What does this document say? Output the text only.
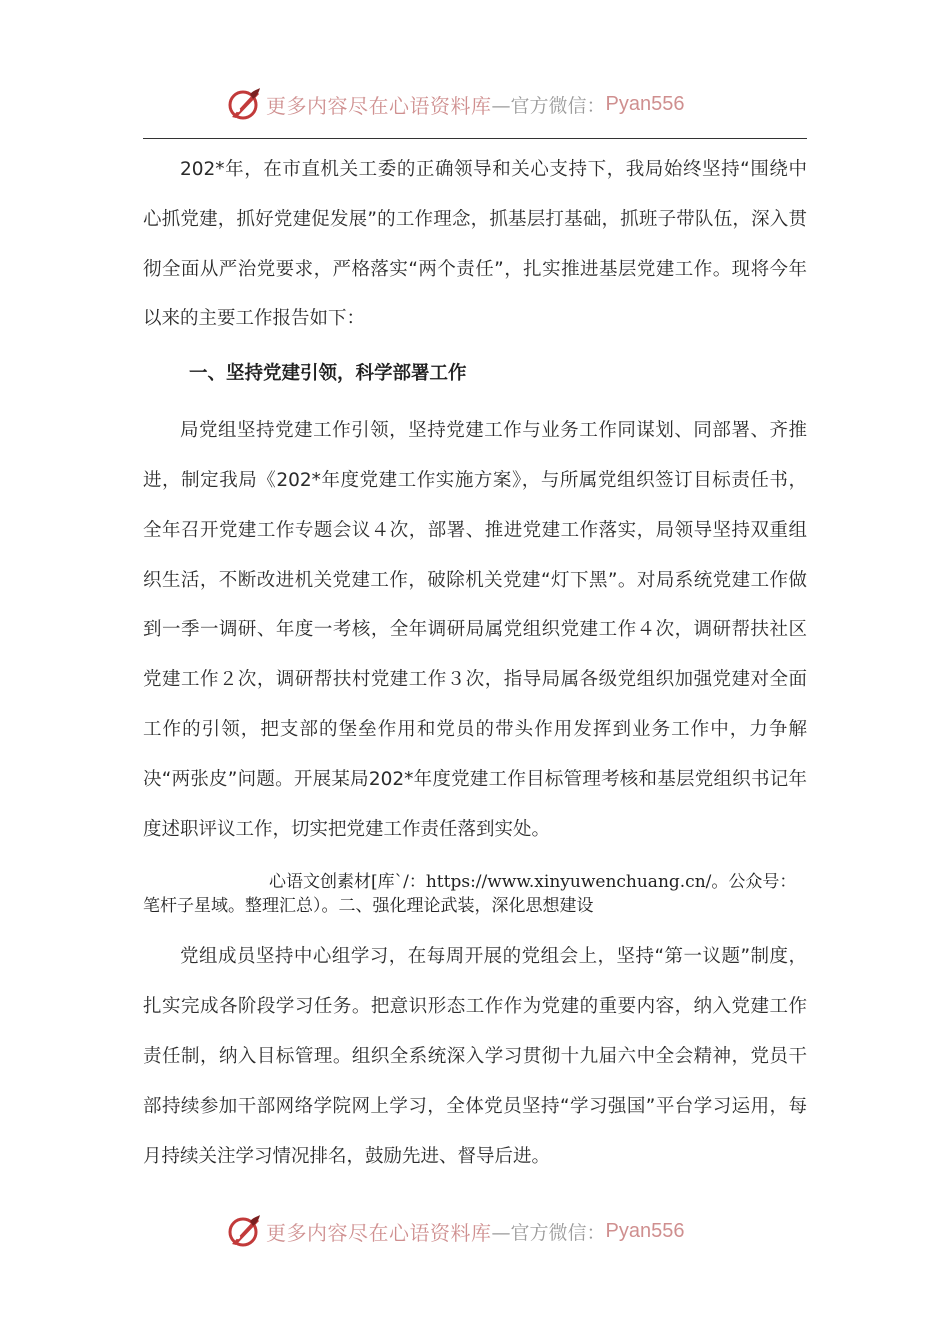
更多内容尽在心语资料库 —官方微信： Pyan556

202*年，在市直机关工委的正确领导和关心支持下，我局始终坚持“围绕中心抓党建，抓好党建促发展”的工作理念，抓基层打基础，抓班子带队伍，深入贯彻全面从严治党要求，严格落实“两个责任”，扎实推进基层党建工作。现将今年以来的主要工作报告如下：

一、坚持党建引领，科学部署工作

局党组坚持党建工作引领，坚持党建工作与业务工作同谋划、同部署、齐推进，制定我局《202*年度党建工作实施方案》，与所属党组织签订目标责任书，全年召开党建工作专题会议４次，部署、推进党建工作落实，局领导坚持双重组织生活，不断改进机关党建工作，破除机关党建“灯下黑”。对局系统党建工作做到一季一调研、年度一考核，全年调研局属党组织党建工作４次，调研帮扶社区党建工作２次，调研帮扶村党建工作３次，指导局属各级党组织加强党建对全面工作的引领，把支部的堡垒作用和党员的带头作用发挥到业务工作中，力争解决“两张皮”问题。开展某局202*年度党建工作目标管理考核和基层党组织书记年度述职评议工作，切实把党建工作责任落到实处。

心语文创素材[库`/：https://www.xinyuwenchuang.cn/。公众号：笔杆子星域。整理汇总）。二、强化理论武装，深化思想建设

党组成员坚持中心组学习，在每周开展的党组会上，坚持“第一议题”制度，扎实完成各阶段学习任务。把意识形态工作作为党建的重要内容，纳入党建工作责任制，纳入目标管理。组织全系统深入学习贯彻十九届六中全会精神，党员干部持续参加干部网络学院网上学习，全体党员坚持“学习强国”平台学习运用，每月持续关注学习情况排名，鼓励先进、督导后进。

更多内容尽在心语资料库 —官方微信： Pyan556
